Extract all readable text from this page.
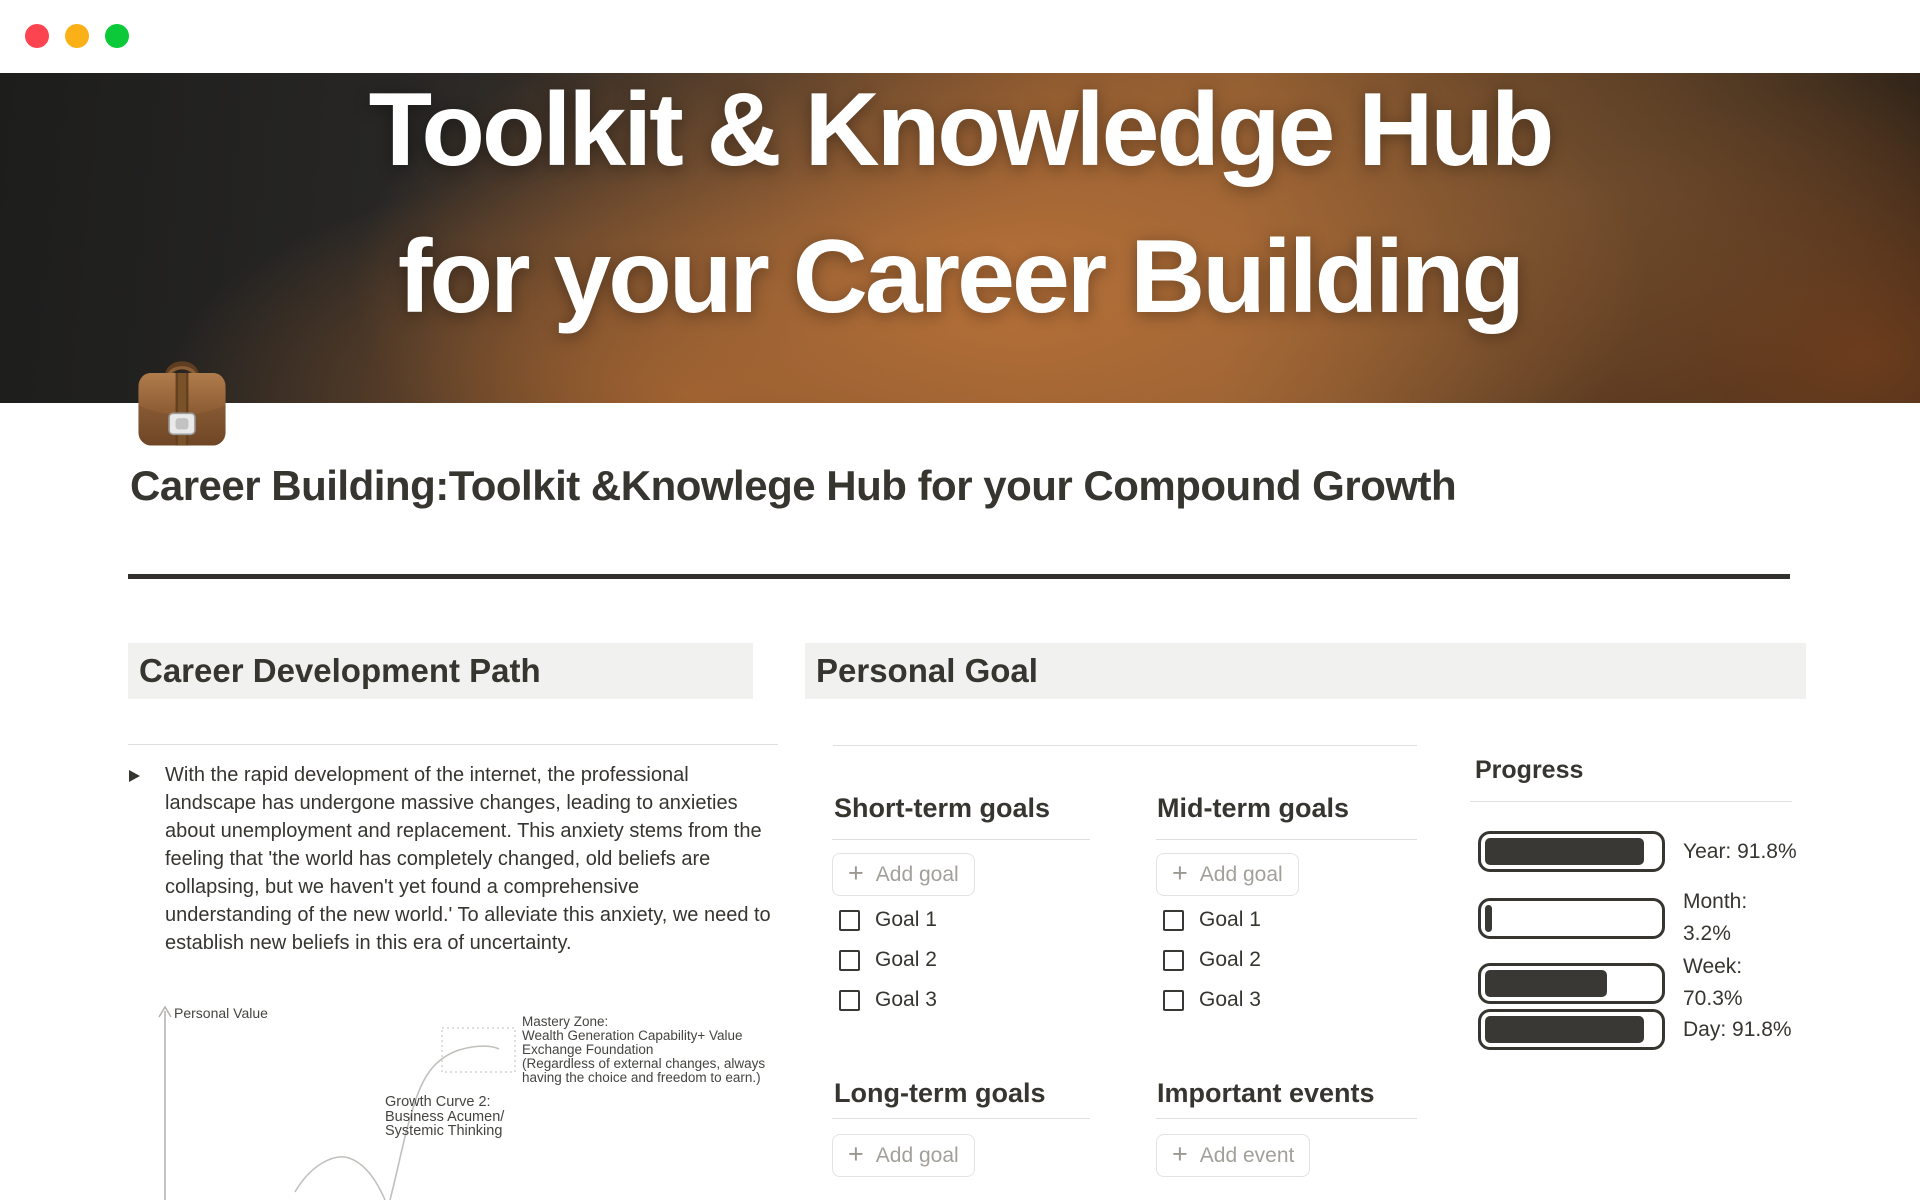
Toolkit & Knowledge Hub
for your Career Building
Career Building:Toolkit &Knowlege Hub for your Compound Growth
Career Development Path
With the rapid development of the internet, the professional landscape has undergone massive changes, leading to anxieties about unemployment and replacement. This anxiety stems from the feeling that 'the world has completely changed, old beliefs are collapsing, but we haven't yet found a comprehensive understanding of the new world.' To alleviate this anxiety, we need to establish new beliefs in this era of uncertainty.
Personal Value
Mastery Zone:
Wealth Generation Capability+ Value
Exchange Foundation
(Regardless of external changes, always
having the choice and freedom to earn.)
Growth Curve 2:
Business Acumen/
Systemic Thinking
Personal Goal
Short-term goals
+ Add goal
Goal 1
Goal 2
Goal 3
Mid-term goals
+ Add goal
Goal 1
Goal 2
Goal 3
Long-term goals
+ Add goal
Important events
+ Add event
Progress
Year: 91.8%
Month:
3.2%
Week:
70.3%
Day: 91.8%
